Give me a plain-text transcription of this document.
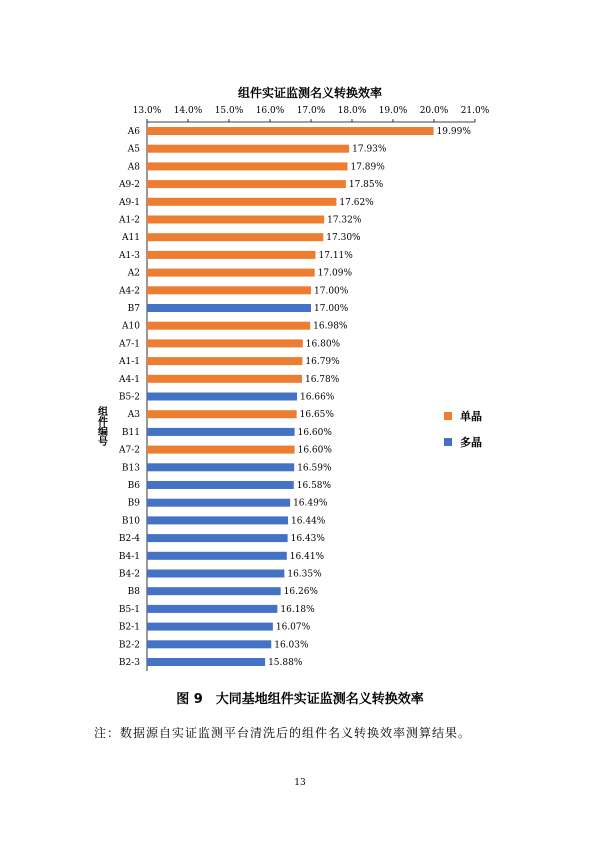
13.0% 14.0% 15.0% 16.0% 17.0% 18.0% 19.0% 20.0% 21.0%
A6	19.99%
A5	17.93%
A8	17.89%
A9-2	17.85%
A9-1	17.62%
A1-2	17.32%
A11	17.30%
A1-3	17.11%
A2	17.09%
A4-2	17.00%
B7	17.00%
A10	16.98%
A7-1	16.80%
A1-1	16.79%
A4-1	16.78%
B5-2	16.66%
A3	16.65%
B11	16.60%
A7-2	16.60%
B13	16.59%
B6	16.58%
B9	16.49%
B10	16.44%
B2-4	16.43%
B4-1	16.41%
B4-2	16.35%
B8	16.26%
B5-1	16.18%
B2-1	16.07%
B2-2	16.03%
B2-3	15.88%
组件实证监测名义转换效率
组件编号
单晶
多晶
图 9　大同基地组件实证监测名义转换效率
注：数据源自实证监测平台清洗后的组件名义转换效率测算结果。
13
